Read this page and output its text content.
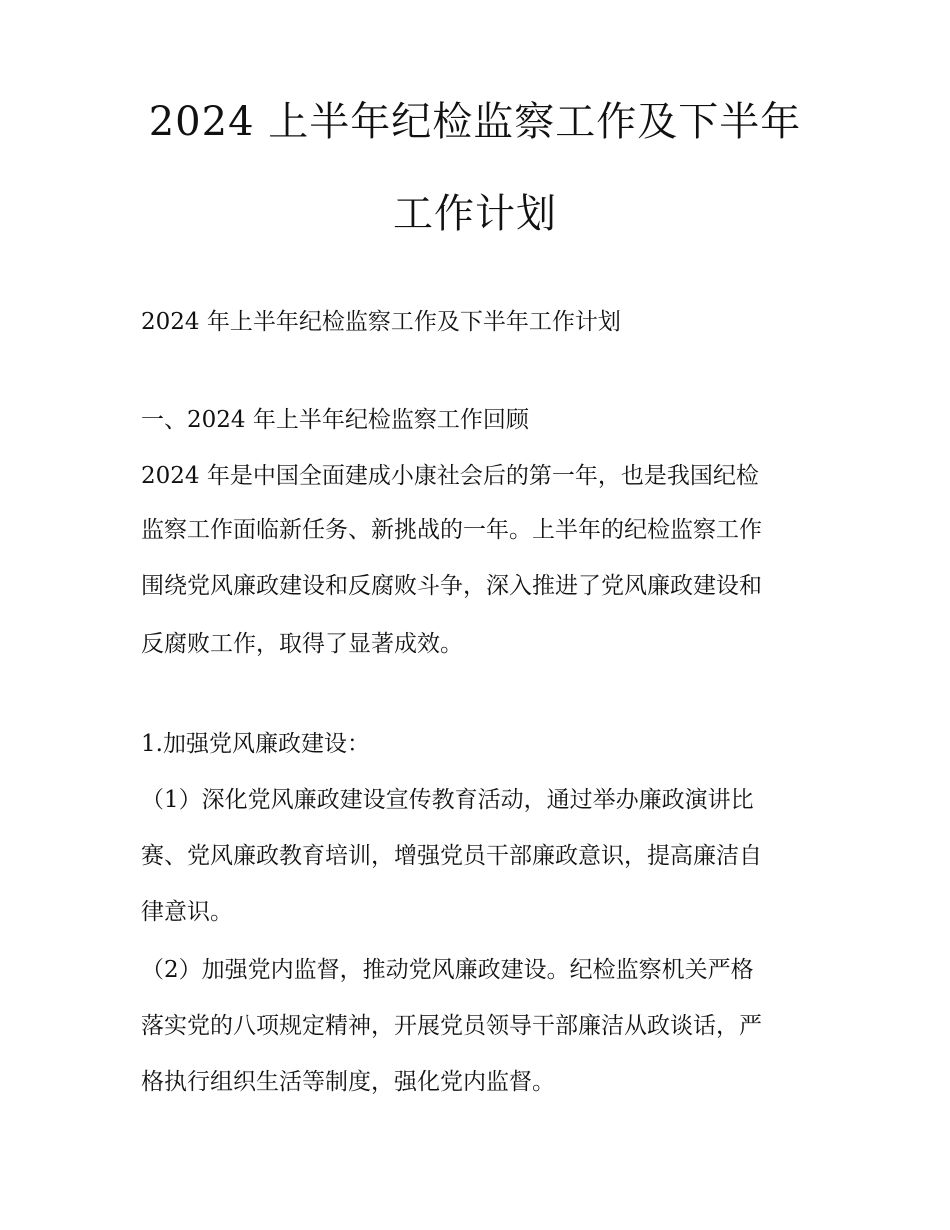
2024 上半年纪检监察工作及下半年
工作计划

2024 年上半年纪检监察工作及下半年工作计划

一、2024 年上半年纪检监察工作回顾

2024 年是中国全面建成小康社会后的第一年，也是我国纪检

监察工作面临新任务、新挑战的一年。上半年的纪检监察工作

围绕党风廉政建设和反腐败斗争，深入推进了党风廉政建设和

反腐败工作，取得了显著成效。

1.加强党风廉政建设：

（1）深化党风廉政建设宣传教育活动，通过举办廉政演讲比

赛、党风廉政教育培训，增强党员干部廉政意识，提高廉洁自

律意识。

（2）加强党内监督，推动党风廉政建设。纪检监察机关严格

落实党的八项规定精神，开展党员领导干部廉洁从政谈话，严

格执行组织生活等制度，强化党内监督。
